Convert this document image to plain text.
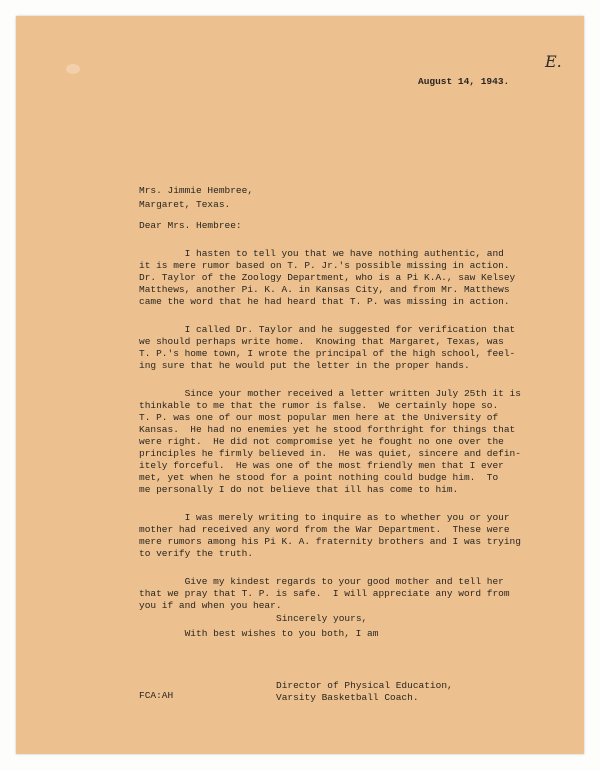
E.
August 14, 1943.
Mrs. Jimmie Hembree,
Margaret, Texas.
Dear Mrs. Hembree:
I hasten to tell you that we have nothing authentic, and
it is mere rumor based on T. P. Jr.'s possible missing in action.
Dr. Taylor of the Zoology Department, who is a Pi K.A., saw Kelsey
Matthews, another Pi. K. A. in Kansas City, and from Mr. Matthews
came the word that he had heard that T. P. was missing in action.
I called Dr. Taylor and he suggested for verification that
we should perhaps write home.  Knowing that Margaret, Texas, was
T. P.'s home town, I wrote the principal of the high school, feel-
ing sure that he would put the letter in the proper hands.
Since your mother received a letter written July 25th it is
thinkable to me that the rumor is false.  We certainly hope so.
T. P. was one of our most popular men here at the University of
Kansas.  He had no enemies yet he stood forthright for things that
were right.  He did not compromise yet he fought no one over the
principles he firmly believed in.  He was quiet, sincere and defin-
itely forceful.  He was one of the most friendly men that I ever
met, yet when he stood for a point nothing could budge him.  To
me personally I do not believe that ill has come to him.
I was merely writing to inquire as to whether you or your
mother had received any word from the War Department.  These were
mere rumors among his Pi K. A. fraternity brothers and I was trying
to verify the truth.
Give my kindest regards to your good mother and tell her
that we pray that T. P. is safe.  I will appreciate any word from
you if and when you hear.
With best wishes to you both, I am
Sincerely yours,
Director of Physical Education,
Varsity Basketball Coach.
FCA:AH
